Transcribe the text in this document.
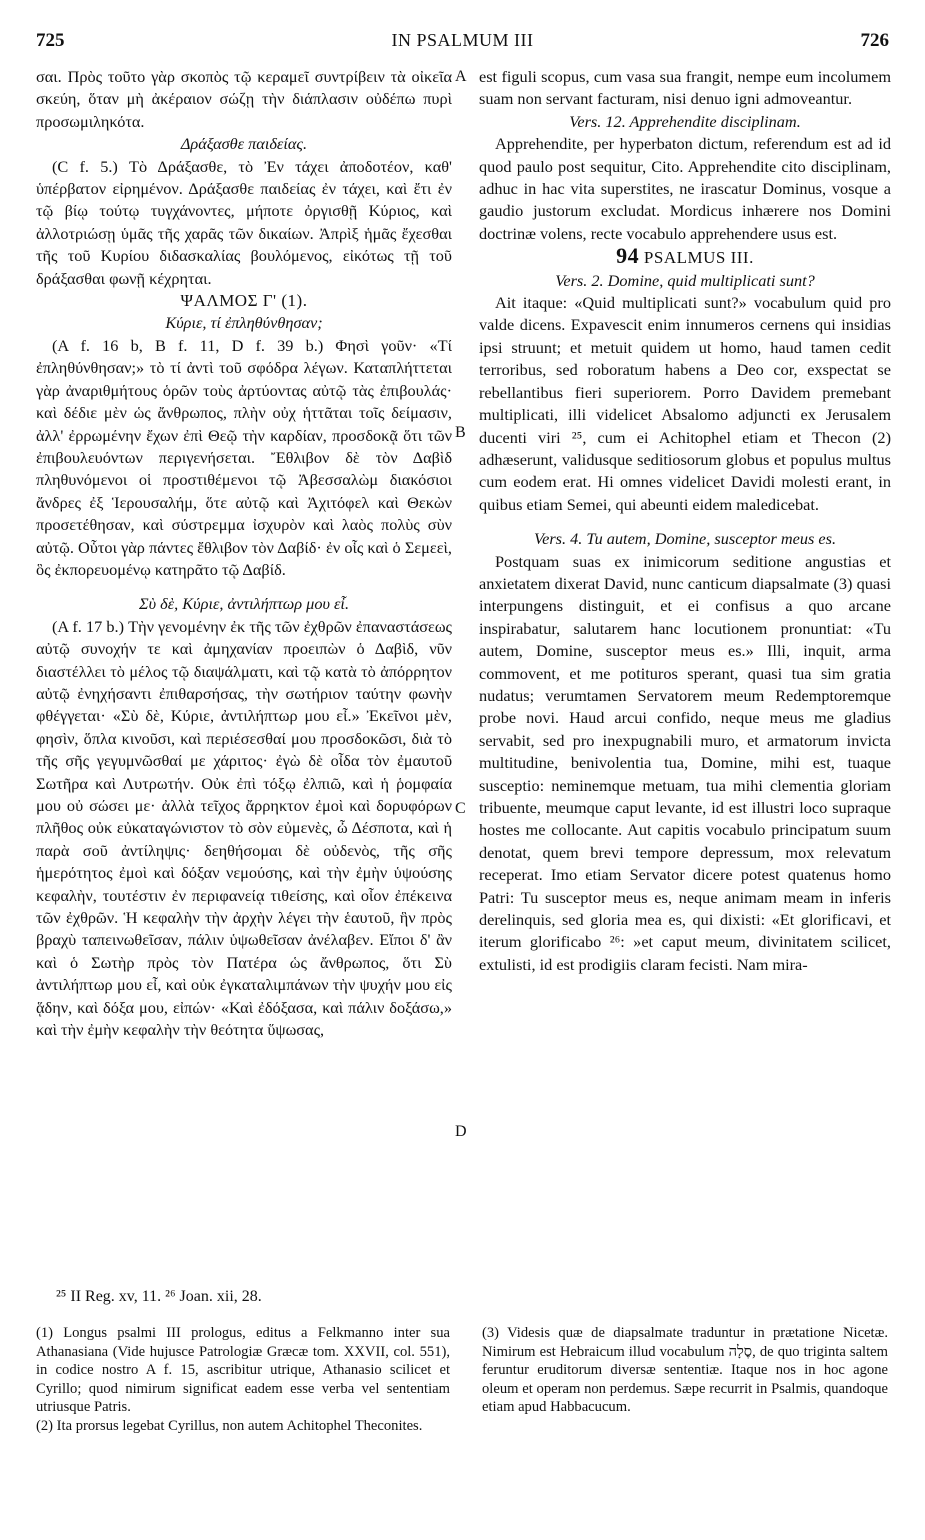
725	IN PSALMUM III	726

σαι. Πρὸς τοῦτο γὰρ σκοπὸς τῷ κεραμεῖ συντρίβειν τὰ οἰκεῖα σκεύη, ὅταν μὴ ἀκέραιον σώζῃ τὴν διάπλασιν οὐδέπω πυρὶ προσωμιληκότα.

Δράξασθε παιδείας.

(C f. 5.) Τὸ Δράξασθε, τὸ Ἐν τάχει ἀποδοτέον, καθ' ὑπέρβατον εἰρημένον. Δράξασθε παιδείας ἐν τάχει, καὶ ἔτι ἐν τῷ βίῳ τούτῳ τυγχάνοντες, μήποτε ὀργισθῇ Κύριος, καὶ ἀλλοτριώσῃ ὑμᾶς τῆς χαρᾶς τῶν δικαίων. Ἀπρὶξ ἡμᾶς ἔχεσθαι τῆς τοῦ Κυρίου διδασκαλίας βουλόμενος, εἰκότως τῇ τοῦ δράξασθαι φωνῇ κέχρηται.

ΨΑΛΜΟΣ Γ' (1).

Κύριε, τί ἐπληθύνθησαν;

(A f. 16 b, B f. 11, D f. 39 b.) Φησὶ γοῦν· «Τί ἐπληθύνθησαν;» τὸ τί ἀντὶ τοῦ σφόδρα λέγων. Καταπλήττεται γὰρ ἀναριθμήτους ὁρῶν τοὺς ἀρτύοντας αὐτῷ τὰς ἐπιβουλάς· καὶ δέδιε μὲν ὡς ἄνθρωπος, πλὴν οὐχ ἡττᾶται τοῖς δείμασιν, ἀλλ' ἐρρωμένην ἔχων ἐπὶ Θεῷ τὴν καρδίαν, προσδοκᾷ ὅτι τῶν ἐπιβουλευόντων περιγενήσεται. Ἔθλιβον δὲ τὸν Δαβὶδ πληθυνόμενοι οἱ προστιθέμενοι τῷ Ἀβεσσαλὼμ διακόσιοι ἄνδρες ἐξ Ἱερουσαλήμ, ὅτε αὐτῷ καὶ Ἀχιτόφελ καὶ Θεκὼν προσετέθησαν, καὶ σύστρεμμα ἰσχυρὸν καὶ λαὸς πολὺς σὺν αὐτῷ. Οὗτοι γὰρ πάντες ἔθλιβον τὸν Δαβίδ· ἐν οἷς καὶ ὁ Σεμεεὶ, ὃς ἐκπορευομένῳ κατηρᾶτο τῷ Δαβίδ.

Σὺ δὲ, Κύριε, ἀντιλήπτωρ μου εἶ.

(A f. 17 b.) Τὴν γενομένην ἐκ τῆς τῶν ἐχθρῶν ἐπαναστάσεως αὐτῷ συνοχήν τε καὶ ἀμηχανίαν προειπὼν ὁ Δαβὶδ, νῦν διαστέλλει τὸ μέλος τῷ διαψάλματι, καὶ τῷ κατὰ τὸ ἀπόρρητον αὐτῷ ἐνηχήσαντι ἐπιθαρσήσας, τὴν σωτήριον ταύτην φωνὴν φθέγγεται· «Σὺ δὲ, Κύριε, ἀντιλήπτωρ μου εἶ.» Ἐκεῖνοι μὲν, φησὶν, ὅπλα κινοῦσι, καὶ περιέσεσθαί μου προσδοκῶσι, διὰ τὸ τῆς σῆς γεγυμνῶσθαί με χάριτος· ἐγὼ δὲ οἶδα τὸν ἐμαυτοῦ Σωτῆρα καὶ Λυτρωτήν. Οὐκ ἐπὶ τόξῳ ἐλπιῶ, καὶ ἡ ῥομφαία μου οὐ σώσει με· ἀλλὰ τεῖχος ἄρρηκτον ἐμοὶ καὶ δορυφόρων πλῆθος οὐκ εὐκαταγώνιστον τὸ σὸν εὐμενὲς, ὦ Δέσποτα, καὶ ἡ παρὰ σοῦ ἀντίληψις· δεηθήσομαι δὲ οὐδενὸς, τῆς σῆς ἡμερότητος ἐμοὶ καὶ δόξαν νεμούσης, καὶ τὴν ἐμὴν ὑψούσης κεφαλὴν, τουτέστιν ἐν περιφανείᾳ τιθείσης, καὶ οἷον ἐπέκεινα τῶν ἐχθρῶν. Ἡ κεφαλὴν τὴν ἀρχὴν λέγει τὴν ἑαυτοῦ, ἣν πρὸς βραχὺ ταπεινωθεῖσαν, πάλιν ὑψωθεῖσαν ἀνέλαβεν. Εἴποι δ' ἂν καὶ ὁ Σωτὴρ πρὸς τὸν Πατέρα ὡς ἄνθρωπος, ὅτι Σὺ ἀντιλήπτωρ μου εἶ, καὶ οὐκ ἐγκαταλιμπάνων τὴν ψυχήν μου εἰς ᾅδην, καὶ δόξα μου, εἰπών· «Καὶ ἐδόξασα, καὶ πάλιν δοξάσω,» καὶ τὴν ἐμὴν κεφαλὴν τὴν θεότητα ὕψωσας,

A
B
C
D

est figuli scopus, cum vasa sua frangit, nempe eum incolumem suam non servant facturam, nisi denuo igni admoveantur.

Vers. 12. Apprehendite disciplinam.

Apprehendite, per hyperbaton dictum, referendum est ad id quod paulo post sequitur, Cito. Apprehendite cito disciplinam, adhuc in hac vita superstites, ne irascatur Dominus, vosque a gaudio justorum excludat. Mordicus inhærere nos Domini doctrinæ volens, recte vocabulo apprehendere usus est.

94 PSALMUS III.

Vers. 2. Domine, quid multiplicati sunt?

Ait itaque: «Quid multiplicati sunt?» vocabulum quid pro valde dicens. Expavescit enim innumeros cernens qui insidias ipsi struunt; et metuit quidem ut homo, haud tamen cedit terroribus, sed roboratum habens a Deo cor, exspectat se rebellantibus fieri superiorem. Porro Davidem premebant multiplicati, illi videlicet Absalomo adjuncti ex Jerusalem ducenti viri ²⁵, cum ei Achitophel etiam et Thecon (2) adhæserunt, validusque seditiosorum globus et populus multus cum eodem erat. Hi omnes videlicet Davidi molesti erant, in quibus etiam Semei, qui abeunti eidem maledicebat.

Vers. 4. Tu autem, Domine, susceptor meus es.

Postquam suas ex inimicorum seditione angustias et anxietatem dixerat David, nunc canticum diapsalmate (3) quasi interpungens distinguit, et ei confisus a quo arcane inspirabatur, salutarem hanc locutionem pronuntiat: «Tu autem, Domine, susceptor meus es.» Illi, inquit, arma commovent, et me potituros sperant, quasi tua sim gratia nudatus; verumtamen Servatorem meum Redemptoremque probe novi. Haud arcui confido, neque meus me gladius servabit, sed pro inexpugnabili muro, et armatorum invicta multitudine, benivolentia tua, Domine, mihi est, tuaque susceptio: neminemque metuam, tua mihi clementia gloriam tribuente, meumque caput levante, id est illustri loco supraque hostes me collocante. Aut capitis vocabulo principatum suum denotat, quem brevi tempore depressum, mox relevatum receperat. Imo etiam Servator dicere potest quatenus homo Patri: Tu susceptor meus es, neque animam meam in inferis derelinquis, sed gloria mea es, qui dixisti: «Et glorificavi, et iterum glorificabo ²⁶: »et caput meum, divinitatem scilicet, extulisti, id est prodigiis claram fecisti. Nam mira-

²⁵ II Reg. xv, 11. ²⁶ Joan. xii, 28.

(1) Longus psalmi III prologus, editus a Felkmanno inter sua Athanasiana (Vide hujusce Patrologiæ Græcæ tom. XXVII, col. 551), in codice nostro A f. 15, ascribitur utrique, Athanasio scilicet et Cyrillo; quod nimirum significat eadem esse verba vel sententiam utriusque Patris.

(2) Ita prorsus legebat Cyrillus, non autem Achitophel Theconites.

(3) Videsis quæ de diapsalmate traduntur in prætatione Nicetæ. Nimirum est Hebraicum illud vocabulum סֶלָה, de quo triginta saltem feruntur eruditorum diversæ sententiæ. Itaque nos in hoc agone oleum et operam non perdemus. Sæpe recurrit in Psalmis, quandoque etiam apud Habbacucum.
